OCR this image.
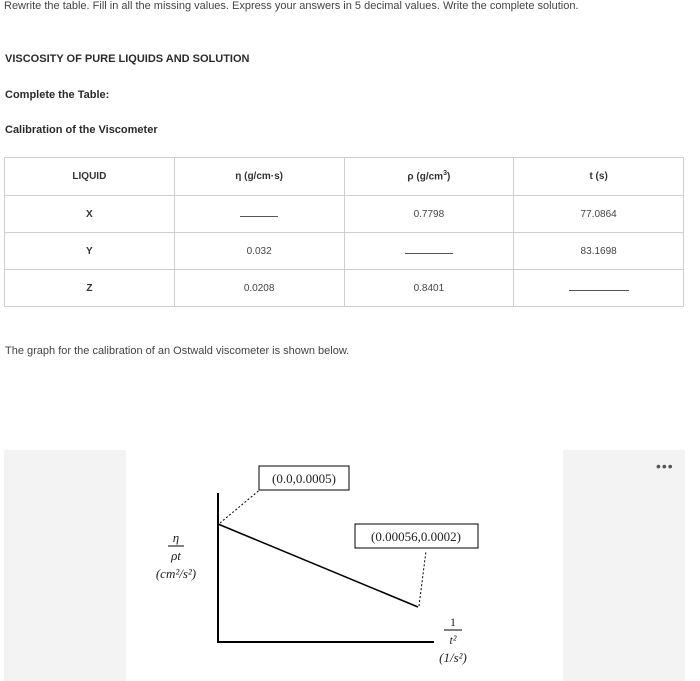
Rewrite the table. Fill in all the missing values. Express your answers in 5 decimal values. Write the complete solution.
VISCOSITY OF PURE LIQUIDS AND SOLUTION
Complete the Table:
Calibration of the Viscometer
LIQUID	η (g/cm·s)	ρ $(g/cm^3)$	t (s)
X		0.7798	77.0864
Y	0.032		83.1698
Z	0.0208	0.8401	
The graph for the calibration of an Ostwald viscometer is shown below.
•••
(0.0,0.0005)
(0.00056,0.0002)
η
ρt
(cm²/s²)
1
t²
(1/s²)
